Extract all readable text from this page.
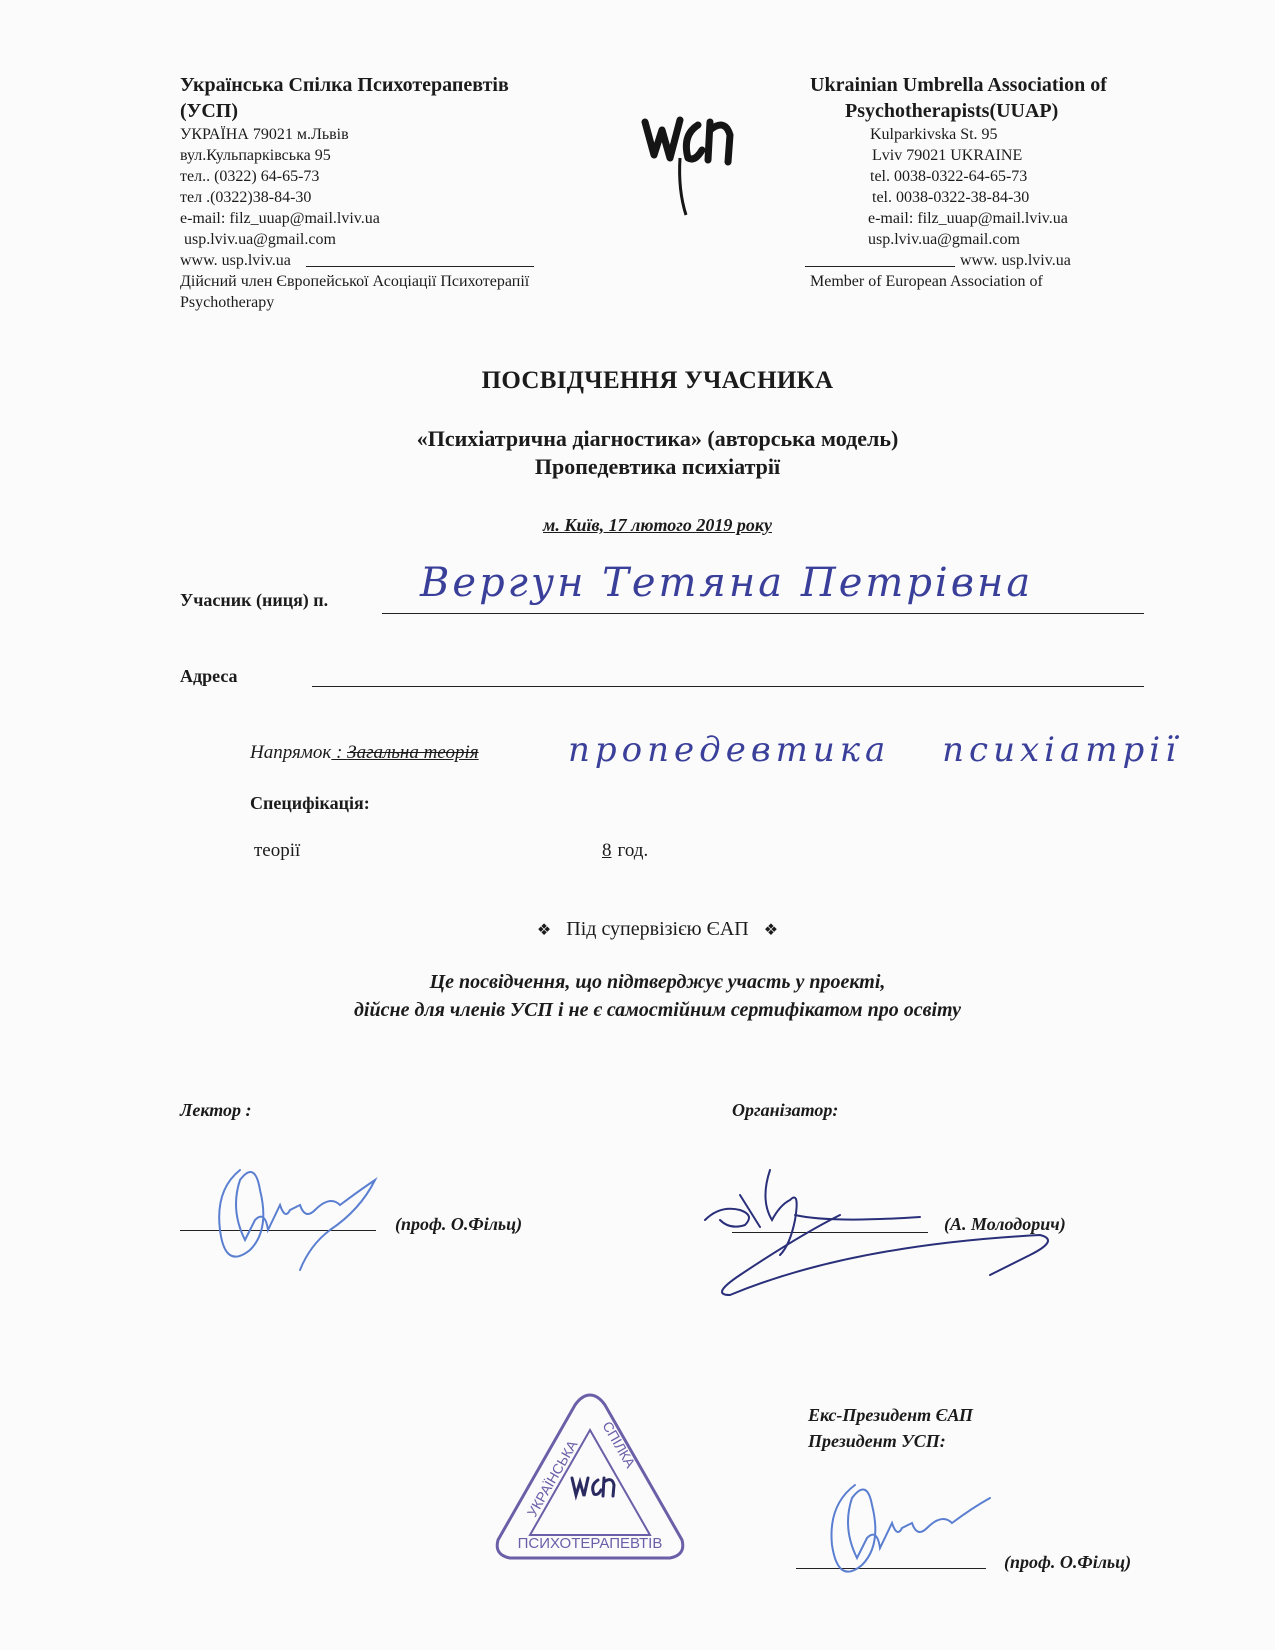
Українська Спілка Психотерапевтів
(УСП)
УКРАЇНА 79021 м.Львів
вул.Кульпарківська 95
тел.. (0322) 64-65-73
тел .(0322)38-84-30
e-mail: filz_uuap@mail.lviv.ua
usp.lviv.ua@gmail.com
www. usp.lviv.ua
Дійсний член Європейської Асоціації Психотерапії
Psychotherapy
Ukrainian Umbrella Association of
Psychotherapists(UUAP)
Kulparkivska St. 95
Lviv 79021 UKRAINE
tel. 0038-0322-64-65-73
tel. 0038-0322-38-84-30
e-mail: filz_uuap@mail.lviv.ua
usp.lviv.ua@gmail.com
www. usp.lviv.ua
Member of European Association of
ПОСВІДЧЕННЯ УЧАСНИКА
«Психіатрична діагностика» (авторська модель)
Пропедевтика психіатрії
м. Київ, 17 лютого 2019 року
Учасник (ниця) п. Вергун Тетяна Петрівна
Адреса
Напрямок : Загальна теорія	пропедевтика психіатрії
Специфікація:
теорії	8 год.
❖ Під супервізією ЄАП ❖
Це посвідчення, що підтверджує участь у проекті,
дійсне для членів УСП і не є самостійним сертифікатом про освіту
Лектор :
(проф. О.Фільц)
Організатор:
(А. Молодорич)
ПСИХОТЕРАПЕВТІВ
УКРАЇНСЬКА СПІЛКА
Екс-Президент ЄАП
Президент УСП:
(проф. О.Фільц)
